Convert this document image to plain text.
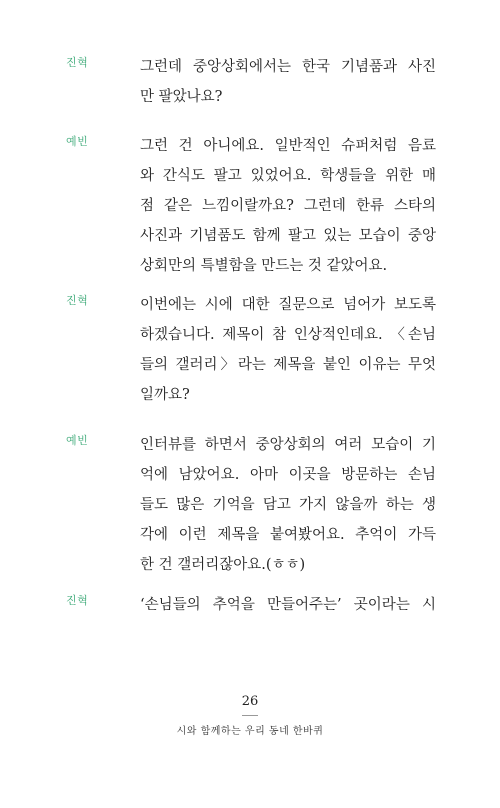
진혁	그런데 중앙상회에서는 한국 기념품과 사진
만 팔았나요?

예빈	그런 건 아니에요. 일반적인 슈퍼처럼 음료
와 간식도 팔고 있었어요. 학생들을 위한 매
점 같은 느낌이랄까요? 그런데 한류 스타의
사진과 기념품도 함께 팔고 있는 모습이 중앙
상회만의 특별함을 만드는 것 같았어요.

진혁	이번에는 시에 대한 질문으로 넘어가 보도록
하겠습니다. 제목이 참 인상적인데요. 〈손님
들의 갤러리〉라는 제목을 붙인 이유는 무엇
일까요?

예빈	인터뷰를 하면서 중앙상회의 여러 모습이 기
억에 남았어요. 아마 이곳을 방문하는 손님
들도 많은 기억을 담고 가지 않을까 하는 생
각에 이런 제목을 붙여봤어요. 추억이 가득
한 건 갤러리잖아요.(ㅎㅎ)

진혁	‘손님들의 추억을 만들어주는’ 곳이라는 시

26
시와 함께하는 우리 동네 한바퀴
